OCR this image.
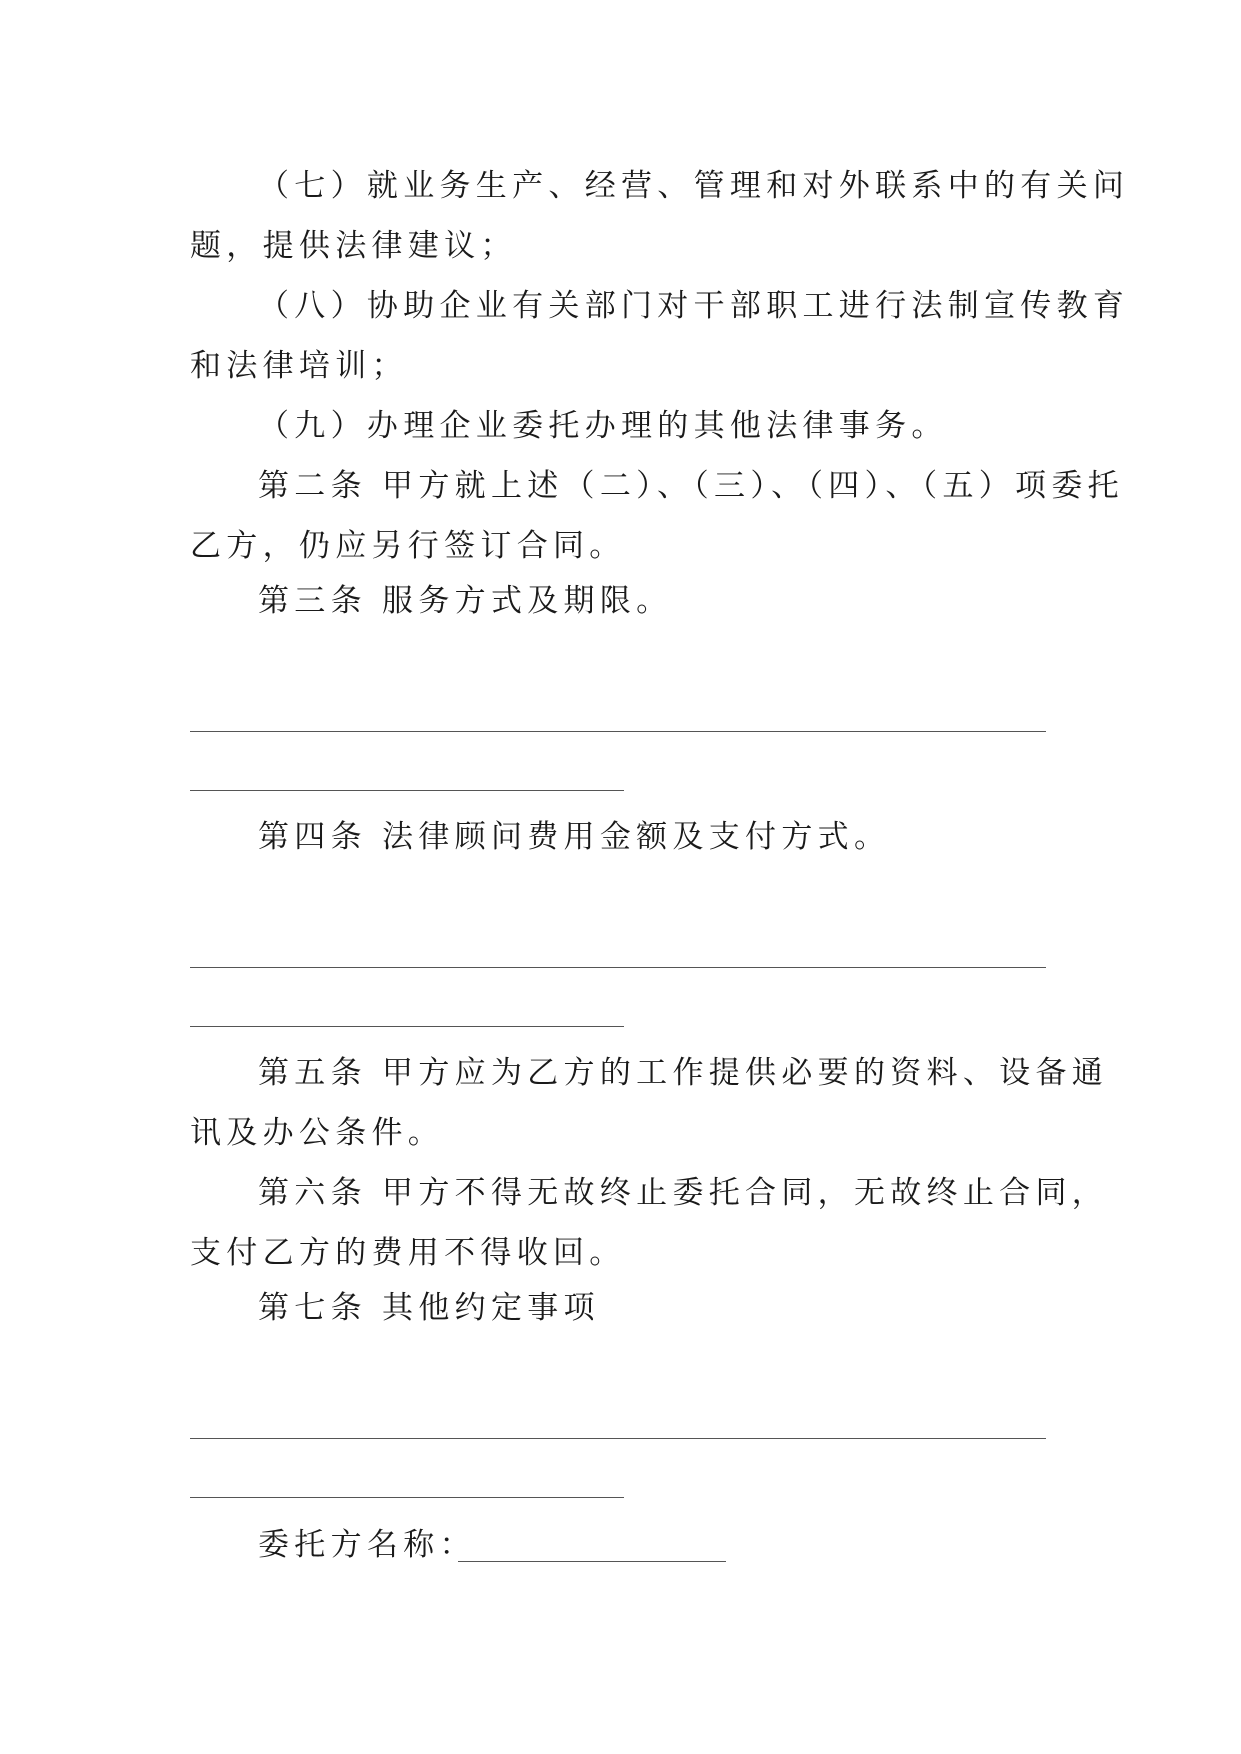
（七）就业务生产、经营、管理和对外联系中的有关问
题，提供法律建议；
（八）协助企业有关部门对干部职工进行法制宣传教育
和法律培训；
（九）办理企业委托办理的其他法律事务。
第二条 甲方就上述（二）、（三）、（四）、（五）项委托
乙方，仍应另行签订合同。
第三条 服务方式及期限。
第四条 法律顾问费用金额及支付方式。
第五条 甲方应为乙方的工作提供必要的资料、设备通
讯及办公条件。
第六条 甲方不得无故终止委托合同，无故终止合同，
支付乙方的费用不得收回。
第七条 其他约定事项
委托方名称：
